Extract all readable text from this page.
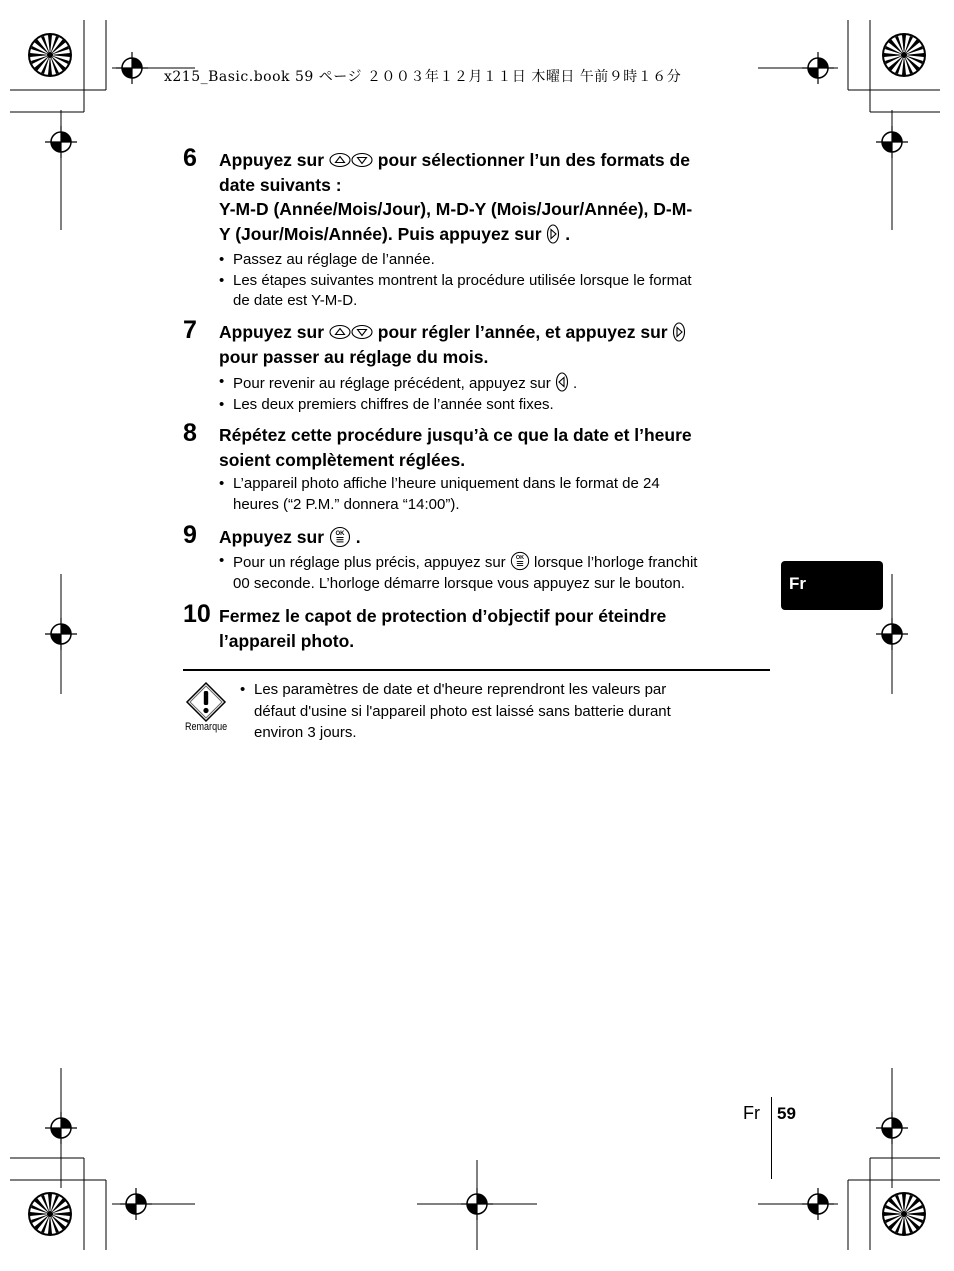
x215_Basic.book 59 ページ ２００３年１２月１１日 木曜日 午前９時１６分
6 Appuyez sur	pour sélectionner l’un des formats de
date suivants :
Y-M-D (Année/Mois/Jour), M-D-Y (Mois/Jour/Année), D-M-
Y (Jour/Mois/Année). Puis appuyez sur .
• Passez au réglage de l’année.
• Les étapes suivantes montrent la procédure utilisée lorsque le format
de date est Y-M-D.
7 Appuyez sur	pour régler l’année, et appuyez sur
pour passer au réglage du mois.
• Pour revenir au réglage précédent, appuyez sur .
• Les deux premiers chiffres de l’année sont fixes.
8 Répétez cette procédure jusqu’à ce que la date et l’heure
soient complètement réglées.
• L’appareil photo affiche l’heure uniquement dans le format de 24
heures (“2 P.M.” donnera “14:00”).
9 Appuyez sur .
• Pour un réglage plus précis, appuyez sur lorsque l’horloge franchit
00 seconde. L’horloge démarre lorsque vous appuyez sur le bouton.
10 Fermez le capot de protection d’objectif pour éteindre
l’appareil photo.
Fr
Remarque
• Les paramètres de date et d'heure reprendront les valeurs par
défaut d'usine si l'appareil photo est laissé sans batterie durant
environ 3 jours.
Fr 59
